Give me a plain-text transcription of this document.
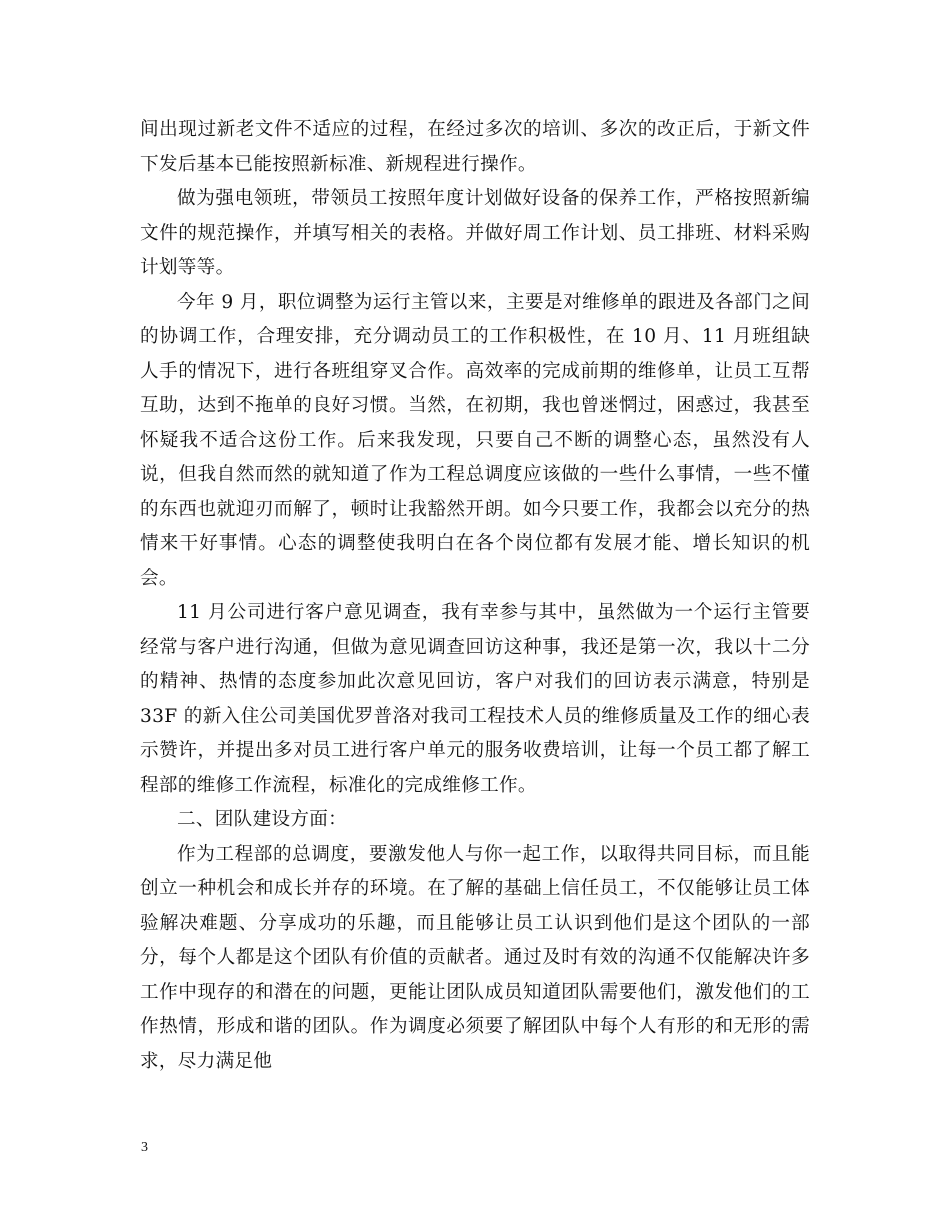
间出现过新老文件不适应的过程，在经过多次的培训、多次的改正后，于新文件下发后基本已能按照新标准、新规程进行操作。

做为强电领班，带领员工按照年度计划做好设备的保养工作，严格按照新编文件的规范操作，并填写相关的表格。并做好周工作计划、员工排班、材料采购计划等等。

今年 9 月，职位调整为运行主管以来，主要是对维修单的跟进及各部门之间的协调工作，合理安排，充分调动员工的工作积极性，在 10 月、11 月班组缺人手的情况下，进行各班组穿叉合作。高效率的完成前期的维修单，让员工互帮互助，达到不拖单的良好习惯。当然，在初期，我也曾迷惘过，困惑过，我甚至怀疑我不适合这份工作。后来我发现，只要自己不断的调整心态，虽然没有人说，但我自然而然的就知道了作为工程总调度应该做的一些什么事情，一些不懂的东西也就迎刃而解了，顿时让我豁然开朗。如今只要工作，我都会以充分的热情来干好事情。心态的调整使我明白在各个岗位都有发展才能、增长知识的机会。

11 月公司进行客户意见调查，我有幸参与其中，虽然做为一个运行主管要经常与客户进行沟通，但做为意见调查回访这种事，我还是第一次，我以十二分的精神、热情的态度参加此次意见回访，客户对我们的回访表示满意，特别是 33F 的新入住公司美国优罗普洛对我司工程技术人员的维修质量及工作的细心表示赞许，并提出多对员工进行客户单元的服务收费培训，让每一个员工都了解工程部的维修工作流程，标准化的完成维修工作。

二、团队建设方面：

作为工程部的总调度，要激发他人与你一起工作，以取得共同目标，而且能创立一种机会和成长并存的环境。在了解的基础上信任员工，不仅能够让员工体验解决难题、分享成功的乐趣，而且能够让员工认识到他们是这个团队的一部分，每个人都是这个团队有价值的贡献者。通过及时有效的沟通不仅能解决许多工作中现存的和潜在的问题，更能让团队成员知道团队需要他们，激发他们的工作热情，形成和谐的团队。作为调度必须要了解团队中每个人有形的和无形的需求，尽力满足他

3
